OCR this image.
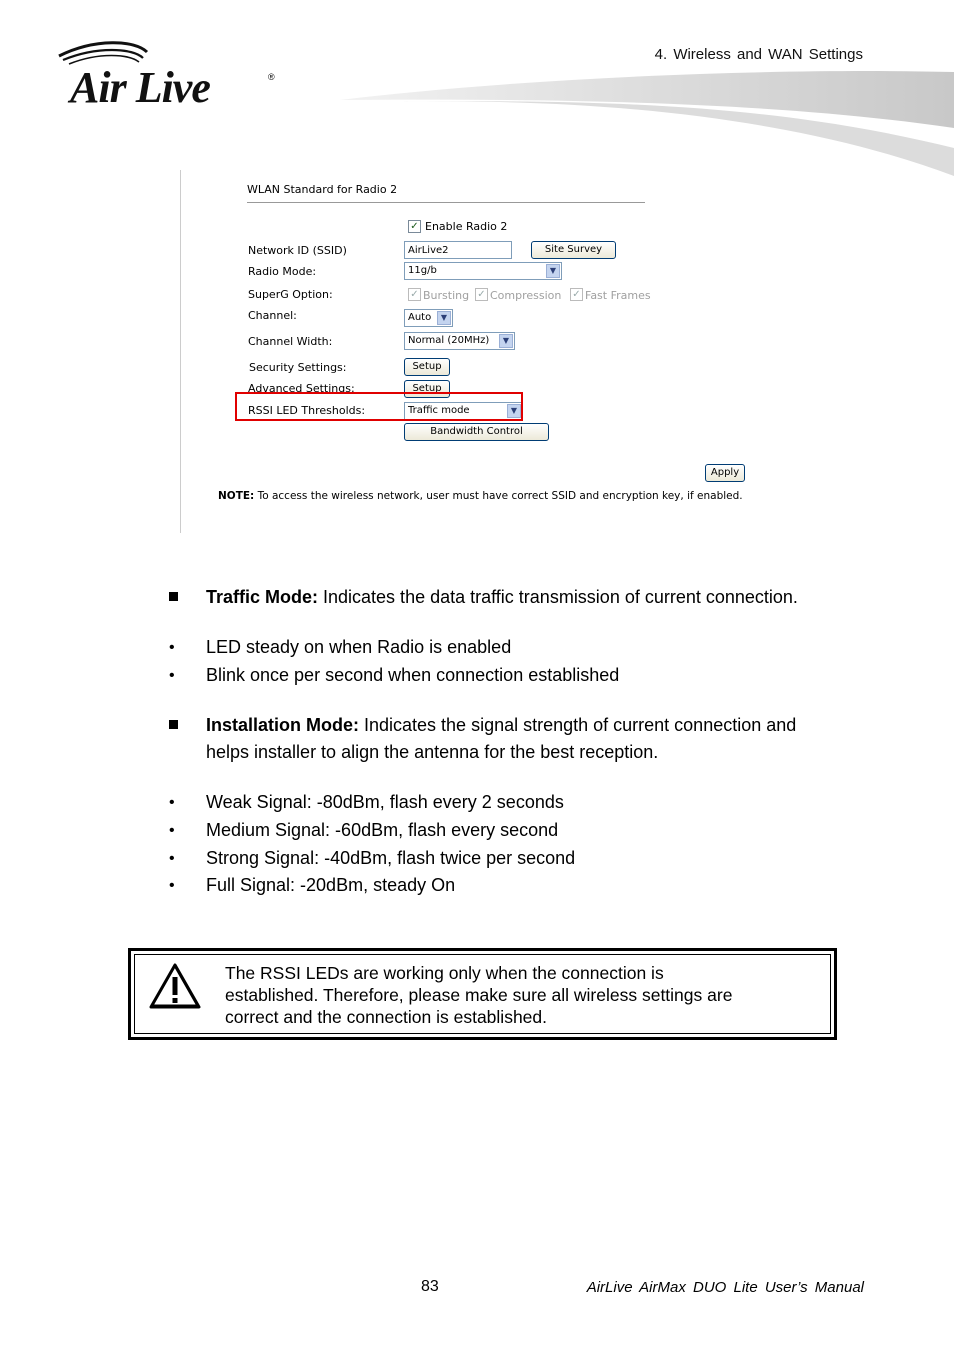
Air Live	®
4. Wireless and WAN Settings
WLAN Standard for Radio 2
✓ Enable Radio 2
Network ID (SSID)	AirLive2	Site Survey
Radio Mode:	11g/b	▼
SuperG Option:	✓ Bursting ✓ Compression ✓ Fast Frames
Channel:	Auto	▼
Channel Width:	Normal (20MHz)	▼
Security Settings:	Setup
Advanced Settings:	Setup
RSSI LED Thresholds:	Traffic mode	▼
Bandwidth Control
Apply
NOTE: To access the wireless network, user must have correct SSID and encryption key, if enabled.
Traffic Mode: Indicates the data traffic transmission of current connection.
• LED steady on when Radio is enabled
• Blink once per second when connection established
Installation Mode: Indicates the signal strength of current connection and
helps installer to align the antenna for the best reception.
• Weak Signal: -80dBm, flash every 2 seconds
• Medium Signal: -60dBm, flash every second
• Strong Signal: -40dBm, flash twice per second
• Full Signal: -20dBm, steady On
The RSSI LEDs are working only when the connection is
established. Therefore, please make sure all wireless settings are
correct and the connection is established.
83	AirLive AirMax DUO Lite User’s Manual
